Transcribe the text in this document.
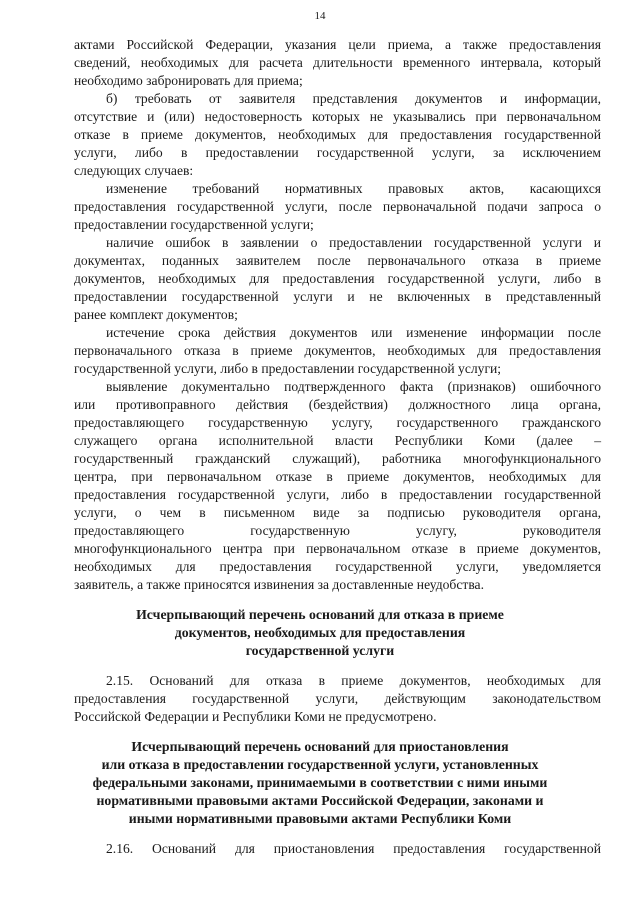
14
актами Российской Федерации, указания цели приема, а также предоставления
сведений, необходимых для расчета длительности временного интервала, который
необходимо забронировать для приема;
б) требовать от заявителя представления документов и информации,
отсутствие и (или) недостоверность которых не указывались при первоначальном
отказе в приеме документов, необходимых для предоставления государственной
услуги, либо в предоставлении государственной услуги, за исключением
следующих случаев:
изменение требований нормативных правовых актов, касающихся
предоставления государственной услуги, после первоначальной подачи запроса о
предоставлении государственной услуги;
наличие ошибок в заявлении о предоставлении государственной услуги и
документах, поданных заявителем после первоначального отказа в приеме
документов, необходимых для предоставления государственной услуги, либо в
предоставлении государственной услуги и не включенных в представленный
ранее комплект документов;
истечение срока действия документов или изменение информации после
первоначального отказа в приеме документов, необходимых для предоставления
государственной услуги, либо в предоставлении государственной услуги;
выявление документально подтвержденного факта (признаков) ошибочного
или противоправного действия (бездействия) должностного лица органа,
предоставляющего государственную услугу, государственного гражданского
служащего органа исполнительной власти Республики Коми (далее –
государственный гражданский служащий), работника многофункционального
центра, при первоначальном отказе в приеме документов, необходимых для
предоставления государственной услуги, либо в предоставлении государственной
услуги, о чем в письменном виде за подписью руководителя органа,
предоставляющего государственную услугу, руководителя
многофункционального центра при первоначальном отказе в приеме документов,
необходимых для предоставления государственной услуги, уведомляется
заявитель, а также приносятся извинения за доставленные неудобства.
Исчерпывающий перечень оснований для отказа в приеме
документов, необходимых для предоставления
государственной услуги
2.15. Оснований для отказа в приеме документов, необходимых для
предоставления государственной услуги, действующим законодательством
Российской Федерации и Республики Коми не предусмотрено.
Исчерпывающий перечень оснований для приостановления
или отказа в предоставлении государственной услуги, установленных
федеральными законами, принимаемыми в соответствии с ними иными
нормативными правовыми актами Российской Федерации, законами и
иными нормативными правовыми актами Республики Коми
2.16. Оснований для приостановления предоставления государственной
